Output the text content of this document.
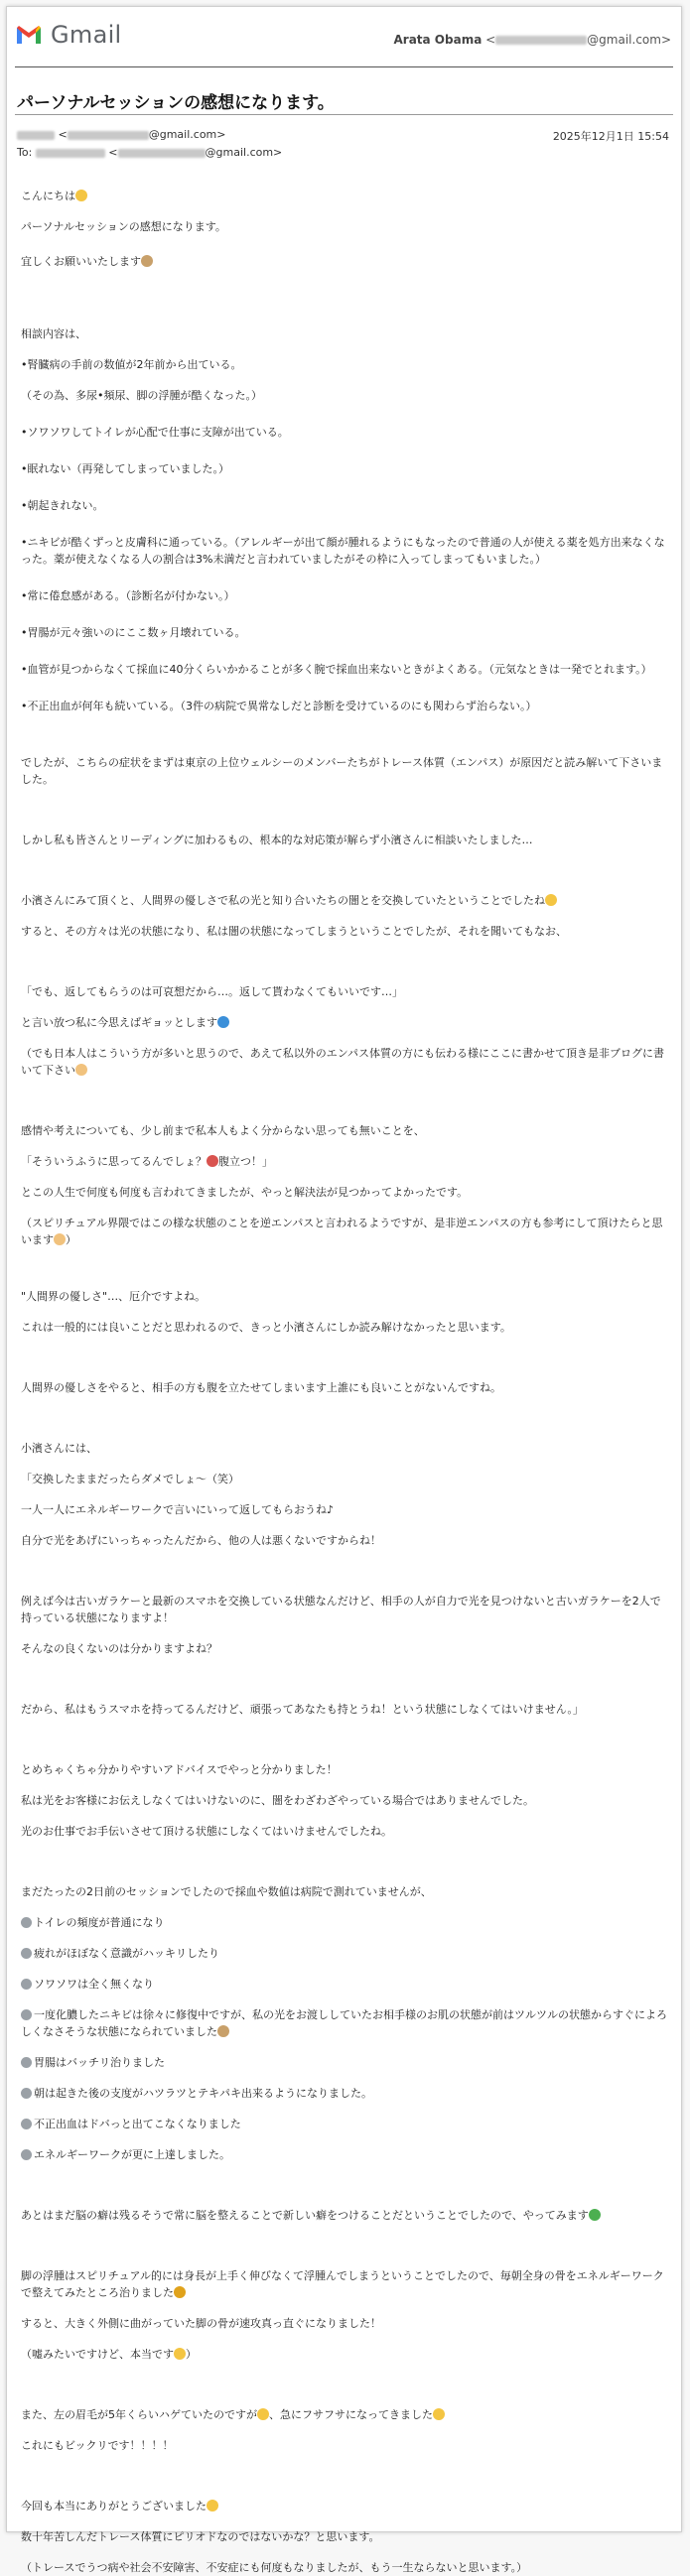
Gmail	Arata Obama <	@gmail.com>
パーソナルセッションの感想になります。
<	@gmail.com>	2025年12月1日 15:54
To:	<	@gmail.com>

こんにちは

パーソナルセッションの感想になります。

宜しくお願いいたします

相談内容は、

•腎臓病の手前の数値が2年前から出ている。

（その為、多尿•頻尿、脚の浮腫が酷くなった。）

•ソワソワしてトイレが心配で仕事に支障が出ている。

•眠れない（再発してしまっていました。）

•朝起きれない。

•ニキビが酷くずっと皮膚科に通っている。（アレルギーが出て顔が腫れるようにもなったので普通の人が使える薬を処方出来なくなった。薬が使えなくなる人の割合は3%未満だと言われていましたがその枠に入ってしまってもいました。）

•常に倦怠感がある。（診断名が付かない。）

•胃腸が元々強いのにここ数ヶ月壊れている。

•血管が見つからなくて採血に40分くらいかかることが多く腕で採血出来ないときがよくある。（元気なときは一発でとれます。）

•不正出血が何年も続いている。（3件の病院で異常なしだと診断を受けているのにも関わらず治らない。）

でしたが、こちらの症状をまずは東京の上位ウェルシーのメンバーたちがトレース体質（エンパス）が原因だと読み解いて下さいました。

しかし私も皆さんとリーディングに加わるもの、根本的な対応策が解らず小濱さんに相談いたしました…

小濱さんにみて頂くと、人間界の優しさで私の光と知り合いたちの闇とを交換していたということでしたね

すると、その方々は光の状態になり、私は闇の状態になってしまうということでしたが、それを聞いてもなお、

「でも、返してもらうのは可哀想だから…。返して貰わなくてもいいです…」

と言い放つ私に今思えばギョッとします

（でも日本人はこういう方が多いと思うので、あえて私以外のエンパス体質の方にも伝わる様にここに書かせて頂き是非ブログに書いて下さい

感情や考えについても、少し前まで私本人もよく分からない思っても無いことを、

「そういうふうに思ってるんでしょ？ 腹立つ！」

とこの人生で何度も何度も言われてきましたが、やっと解決法が見つかってよかったです。

（スピリチュアル界隈ではこの様な状態のことを逆エンパスと言われるようですが、是非逆エンパスの方も参考にして頂けたらと思います ）

"人間界の優しさ"…、厄介ですよね。

これは一般的には良いことだと思われるので、きっと小濱さんにしか読み解けなかったと思います。

人間界の優しさをやると、相手の方も腹を立たせてしまいます上誰にも良いことがないんですね。

小濱さんには、

「交換したままだったらダメでしょ〜（笑）

一人一人にエネルギーワークで言いにいって返してもらおうね♪

自分で光をあげにいっちゃったんだから、他の人は悪くないですからね！

例えば今は古いガラケーと最新のスマホを交換している状態なんだけど、相手の人が自力で光を見つけないと古いガラケーを2人で持っている状態になりますよ！

そんなの良くないのは分かりますよね？

だから、私はもうスマホを持ってるんだけど、頑張ってあなたも持とうね！という状態にしなくてはいけません。」

とめちゃくちゃ分かりやすいアドバイスでやっと分かりました！

私は光をお客様にお伝えしなくてはいけないのに、闇をわざわざやっている場合ではありませんでした。

光のお仕事でお手伝いさせて頂ける状態にしなくてはいけませんでしたね。

まだたったの2日前のセッションでしたので採血や数値は病院で測れていませんが、

トイレの頻度が普通になり

疲れがほぼなく意識がハッキリしたり

ソワソワは全く無くなり

一度化膿したニキビは徐々に修復中ですが、私の光をお渡ししていたお相手様のお肌の状態が前はツルツルの状態からすぐによろしくなさそうな状態になられていました

胃腸はバッチリ治りました

朝は起きた後の支度がハツラツとテキパキ出来るようになりました。

不正出血はドバっと出てこなくなりました

エネルギーワークが更に上達しました。

あとはまだ脳の癖は残るそうで常に脳を整えることで新しい癖をつけることだということでしたので、やってみます

脚の浮腫はスピリチュアル的には身長が上手く伸びなくて浮腫んでしまうということでしたので、毎朝全身の骨をエネルギーワークで整えてみたところ治りました

すると、大きく外側に曲がっていた脚の骨が速攻真っ直ぐになりました！

（嘘みたいですけど、本当です ）

また、左の眉毛が5年くらいハゲていたのですが 、急にフサフサになってきました

これにもビックリです！！！！

今回も本当にありがとうございました

数十年苦しんだトレース体質にピリオドなのではないかな？と思います。

（トレースでうつ病や社会不安障害、不安症にも何度もなりましたが、もう一生ならないと思います。）
